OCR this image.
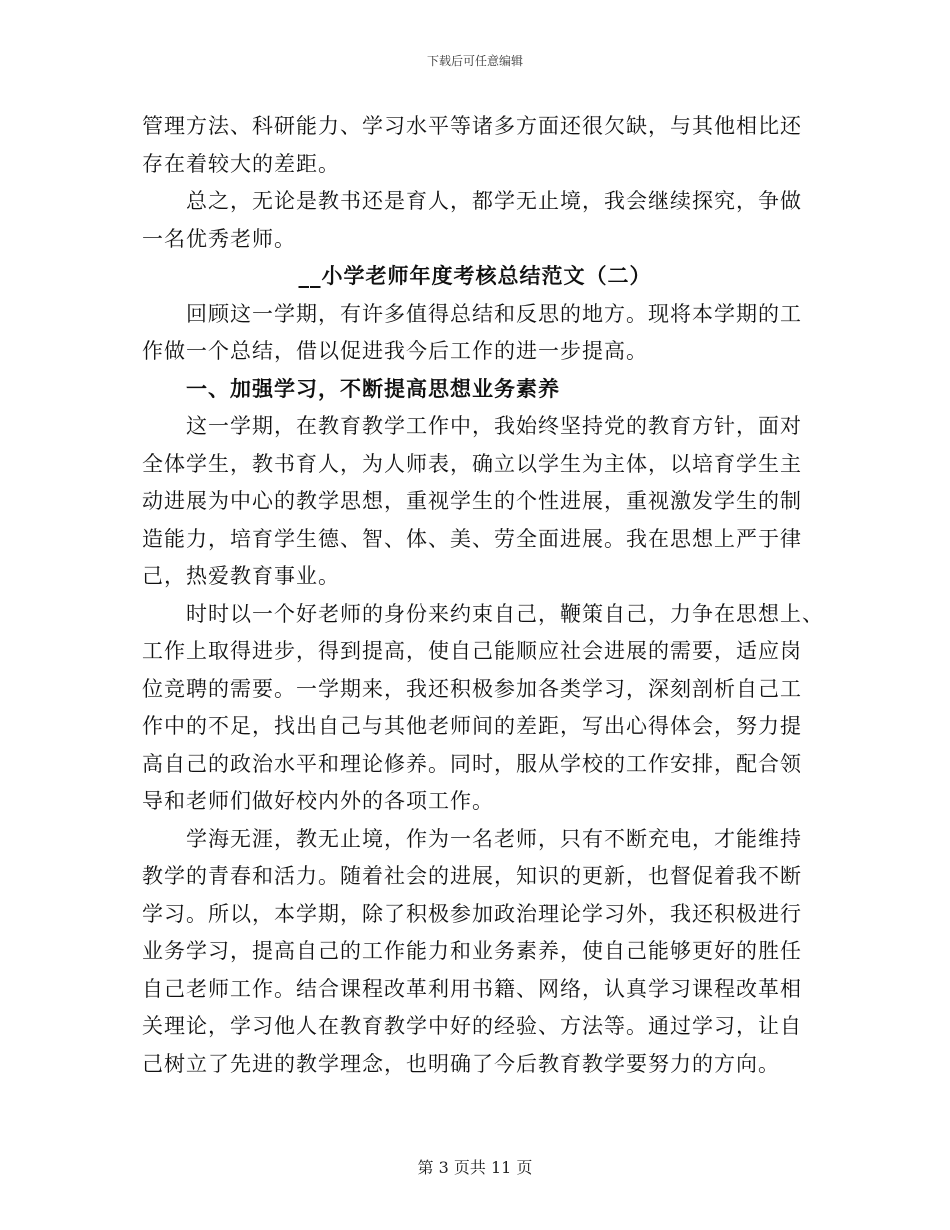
下载后可任意编辑
管理方法、科研能力、学习水平等诸多方面还很欠缺，与其他相比还
存在着较大的差距。
总之，无论是教书还是育人，都学无止境，我会继续探究，争做
一名优秀老师。
__小学老师年度考核总结范文（二）
回顾这一学期，有许多值得总结和反思的地方。现将本学期的工
作做一个总结，借以促进我今后工作的进一步提高。
一、加强学习，不断提高思想业务素养
这一学期，在教育教学工作中，我始终坚持党的教育方针，面对
全体学生，教书育人，为人师表，确立以学生为主体，以培育学生主
动进展为中心的教学思想，重视学生的个性进展，重视激发学生的制
造能力，培育学生德、智、体、美、劳全面进展。我在思想上严于律
己，热爱教育事业。
时时以一个好老师的身份来约束自己，鞭策自己，力争在思想上、
工作上取得进步，得到提高，使自己能顺应社会进展的需要，适应岗
位竞聘的需要。一学期来，我还积极参加各类学习，深刻剖析自己工
作中的不足，找出自己与其他老师间的差距，写出心得体会，努力提
高自己的政治水平和理论修养。同时，服从学校的工作安排，配合领
导和老师们做好校内外的各项工作。
学海无涯，教无止境，作为一名老师，只有不断充电，才能维持
教学的青春和活力。随着社会的进展，知识的更新，也督促着我不断
学习。所以，本学期，除了积极参加政治理论学习外，我还积极进行
业务学习，提高自己的工作能力和业务素养，使自己能够更好的胜任
自己老师工作。结合课程改革利用书籍、网络，认真学习课程改革相
关理论，学习他人在教育教学中好的经验、方法等。通过学习，让自
己树立了先进的教学理念，也明确了今后教育教学要努力的方向。
第 3 页共 11 页
